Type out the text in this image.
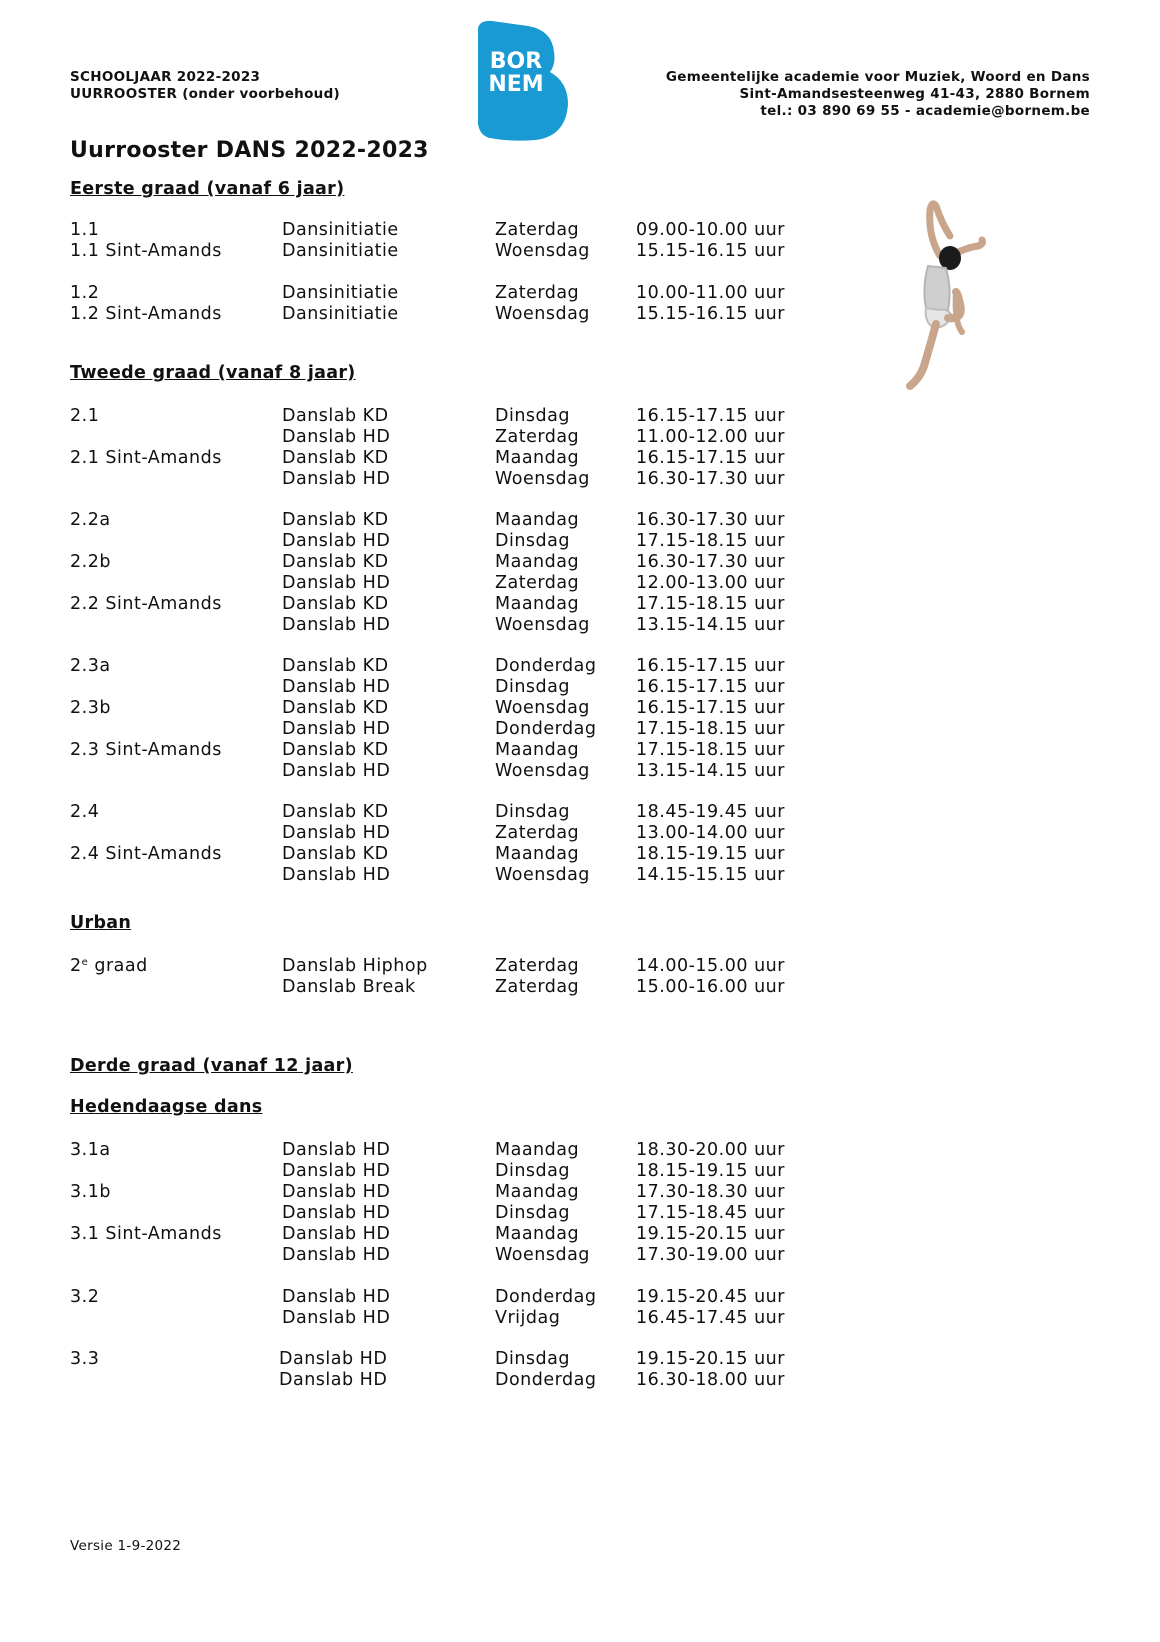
SCHOOLJAAR 2022-2023
UURROOSTER (onder voorbehoud)
BOR
NEM	Gemeentelijke academie voor Muziek, Woord en Dans
Sint-Amandsesteenweg 41-43, 2880 Bornem
tel.: 03 890 69 55 - academie@bornem.be
Uurrooster DANS 2022-2023
Eerste graad (vanaf 6 jaar)
Tweede graad (vanaf 8 jaar)
Urban
Derde graad (vanaf 12 jaar)
Hedendaagse dans
1.1	Dansinitiatie	Zaterdag	09.00-10.00 uur
1.1 Sint-Amands	Dansinitiatie	Woensdag	15.15-16.15 uur
1.2	Dansinitiatie	Zaterdag	10.00-11.00 uur
1.2 Sint-Amands	Dansinitiatie	Woensdag	15.15-16.15 uur
2.1	Danslab KD	Dinsdag	16.15-17.15 uur
Danslab HD	Zaterdag	11.00-12.00 uur
2.1 Sint-Amands	Danslab KD	Maandag	16.15-17.15 uur
Danslab HD	Woensdag	16.30-17.30 uur
2.2a	Danslab KD	Maandag	16.30-17.30 uur
Danslab HD	Dinsdag	17.15-18.15 uur
2.2b	Danslab KD	Maandag	16.30-17.30 uur
Danslab HD	Zaterdag	12.00-13.00 uur
2.2 Sint-Amands	Danslab KD	Maandag	17.15-18.15 uur
Danslab HD	Woensdag	13.15-14.15 uur
2.3a	Danslab KD	Donderdag 16.15-17.15 uur
Danslab HD	Dinsdag	16.15-17.15 uur
2.3b	Danslab KD	Woensdag	16.15-17.15 uur
Danslab HD	Donderdag 17.15-18.15 uur
2.3 Sint-Amands	Danslab KD	Maandag	17.15-18.15 uur
Danslab HD	Woensdag	13.15-14.15 uur
2.4	Danslab KD	Dinsdag	18.45-19.45 uur
Danslab HD	Zaterdag	13.00-14.00 uur
2.4 Sint-Amands	Danslab KD	Maandag	18.15-19.15 uur
Danslab HD	Woensdag	14.15-15.15 uur
2e graad	Danslab Hiphop	Zaterdag	14.00-15.00 uur
Danslab Break	Zaterdag	15.00-16.00 uur
3.1a	Danslab HD	Maandag	18.30-20.00 uur
Danslab HD	Dinsdag	18.15-19.15 uur
3.1b	Danslab HD	Maandag	17.30-18.30 uur
Danslab HD	Dinsdag	17.15-18.45 uur
3.1 Sint-Amands	Danslab HD	Maandag	19.15-20.15 uur
Danslab HD	Woensdag	17.30-19.00 uur
3.2	Danslab HD	Donderdag 19.15-20.45 uur
Danslab HD	Vrijdag	16.45-17.45 uur
3.3	Danslab HD	Dinsdag	19.15-20.15 uur
Danslab HD	Donderdag 16.30-18.00 uur
Versie 1-9-2022
